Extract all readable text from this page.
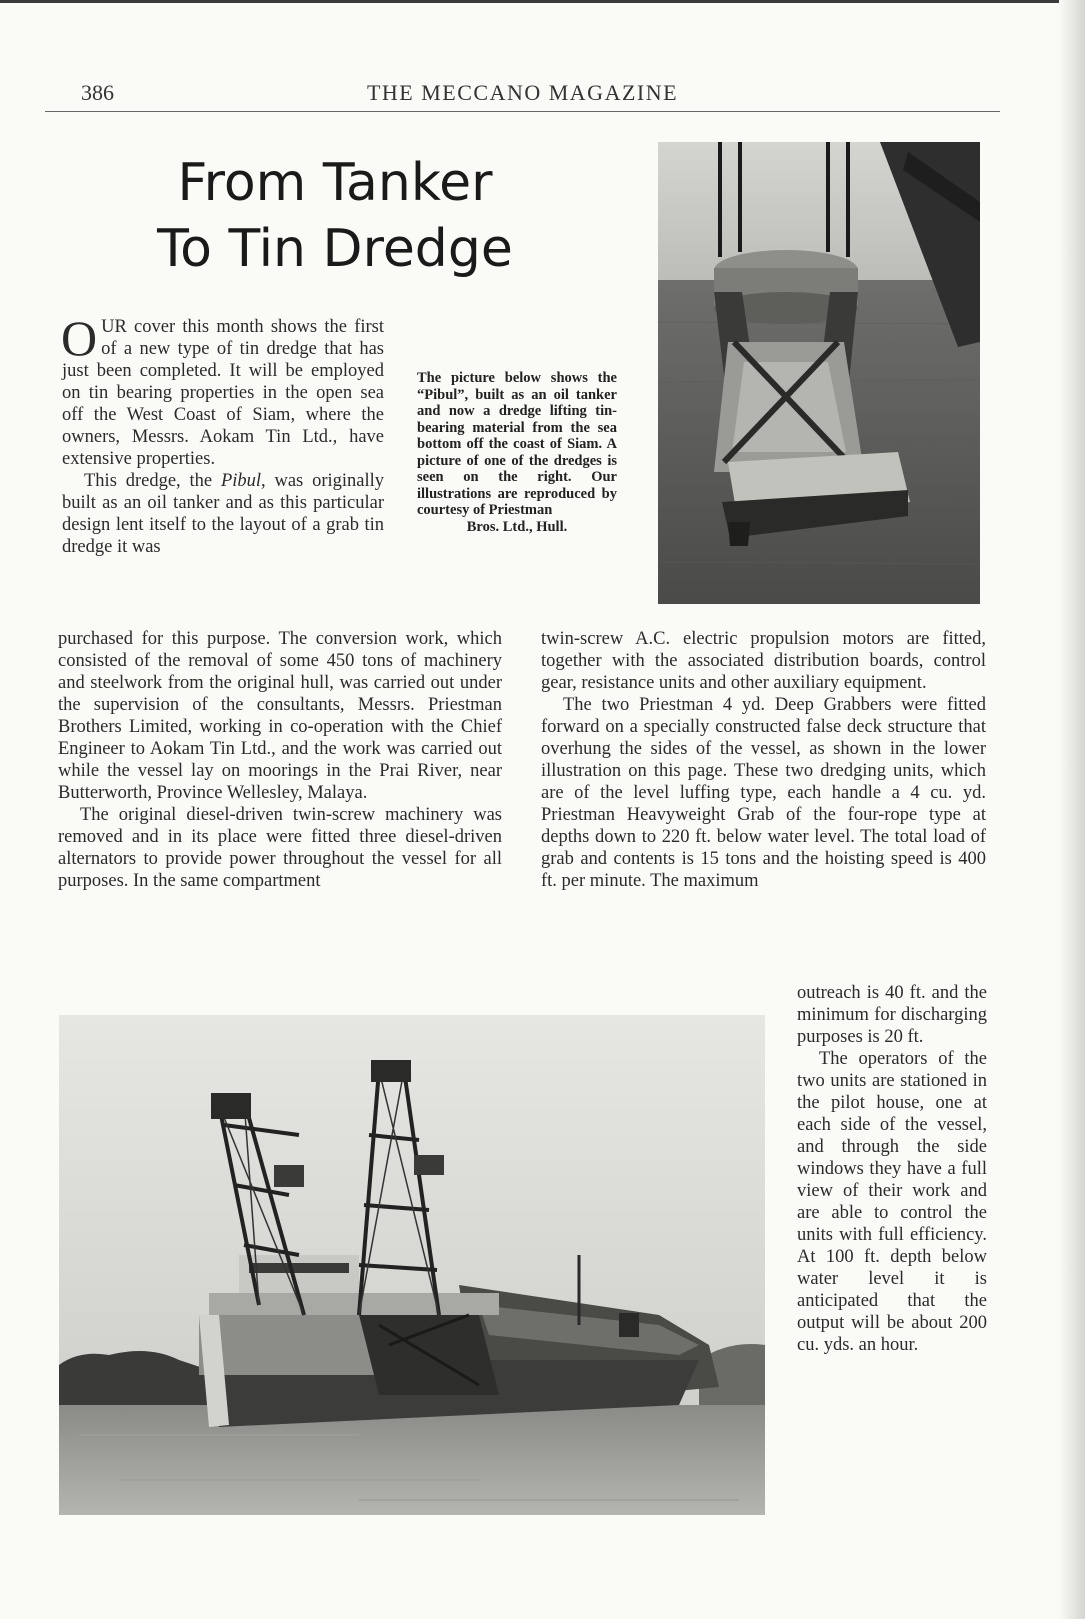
386	THE MECCANO MAGAZINE
From Tanker
To Tin Dredge

OUR cover this month shows the first of a new type of tin dredge that has just been completed. It will be employed on tin bearing properties in the open sea off the West Coast of Siam, where the owners, Messrs. Aokam Tin Ltd., have extensive properties.

This dredge, the Pibul, was originally built as an oil tanker and as this particular design lent itself to the layout of a grab tin dredge it was

The picture below shows the “Pibul”, built as an oil tanker and now a dredge lifting tin-bearing material from the sea bottom off the coast of Siam. A picture of one of the dredges is seen on the right. Our illustrations are reproduced by courtesy of Priestman
Bros. Ltd., Hull.

purchased for this purpose. The conversion work, which consisted of the removal of some 450 tons of machinery and steelwork from the original hull, was carried out under the supervision of the consultants, Messrs. Priestman Brothers Limited, working in co-operation with the Chief Engineer to Aokam Tin Ltd., and the work was carried out while the vessel lay on moorings in the Prai River, near Butterworth, Province Wellesley, Malaya.

The original diesel-driven twin-screw machinery was removed and in its place were fitted three diesel-driven alternators to provide power throughout the vessel for all purposes. In the same compartment

twin-screw A.C. electric propulsion motors are fitted, together with the associated distribution boards, control gear, resistance units and other auxiliary equipment.

The two Priestman 4 yd. Deep Grabbers were fitted forward on a specially constructed false deck structure that overhung the sides of the vessel, as shown in the lower illustration on this page. These two dredging units, which are of the level luffing type, each handle a 4 cu. yd. Priestman Heavyweight Grab of the four-rope type at depths down to 220 ft. below water level. The total load of grab and contents is 15 tons and the hoisting speed is 400 ft. per minute. The maximum

outreach is 40 ft. and the minimum for discharging purposes is 20 ft.

The operators of the two units are stationed in the pilot house, one at each side of the vessel, and through the side windows they have a full view of their work and are able to control the units with full efficiency. At 100 ft. depth below water level it is anticipated that the output will be about 200 cu. yds. an hour.
